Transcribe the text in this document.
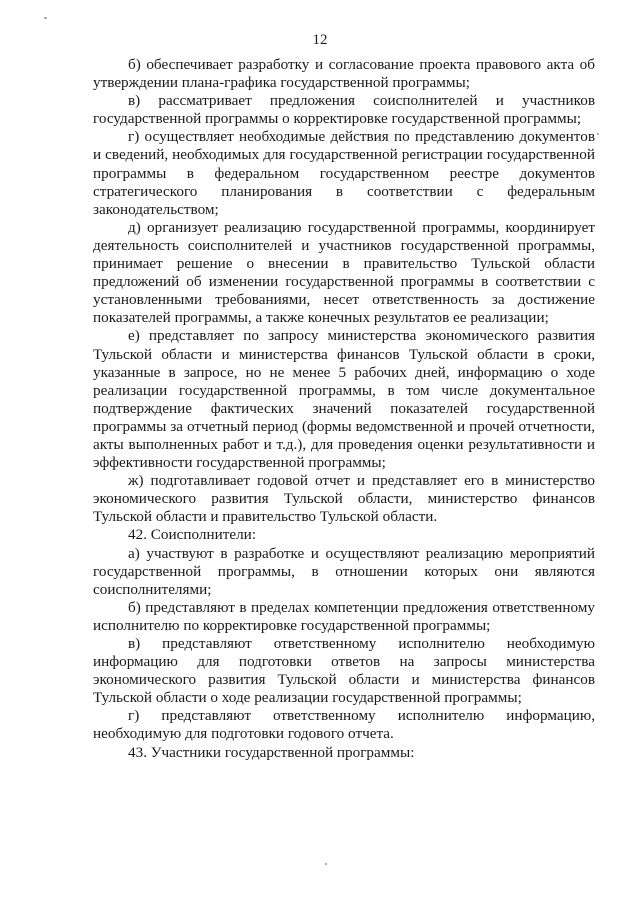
12

б) обеспечивает разработку и согласование проекта правового акта об утверждении плана-графика государственной программы;

в) рассматривает предложения соисполнителей и участников государственной программы о корректировке государственной программы;

г) осуществляет необходимые действия по представлению документов и сведений, необходимых для государственной регистрации государственной программы в федеральном государственном реестре документов стратегического планирования в соответствии с федеральным законодательством;

д) организует реализацию государственной программы, координирует деятельность соисполнителей и участников государственной программы, принимает решение о внесении в правительство Тульской области предложений об изменении государственной программы в соответствии с установленными требованиями, несет ответственность за достижение показателей программы, а также конечных результатов ее реализации;

е) представляет по запросу министерства экономического развития Тульской области и министерства финансов Тульской области в сроки, указанные в запросе, но не менее 5 рабочих дней, информацию о ходе реализации государственной программы, в том числе документальное подтверждение фактических значений показателей государственной программы за отчетный период (формы ведомственной и прочей отчетности, акты выполненных работ и т.д.), для проведения оценки результативности и эффективности государственной программы;

ж) подготавливает годовой отчет и представляет его в министерство экономического развития Тульской области, министерство финансов Тульской области и правительство Тульской области.

42. Соисполнители:

а) участвуют в разработке и осуществляют реализацию мероприятий государственной программы, в отношении которых они являются соисполнителями;

б) представляют в пределах компетенции предложения ответственному исполнителю по корректировке государственной программы;

в) представляют ответственному исполнителю необходимую информацию для подготовки ответов на запросы министерства экономического развития Тульской области и министерства финансов Тульской области о ходе реализации государственной программы;

г) представляют ответственному исполнителю информацию, необходимую для подготовки годового отчета.

43. Участники государственной программы:
